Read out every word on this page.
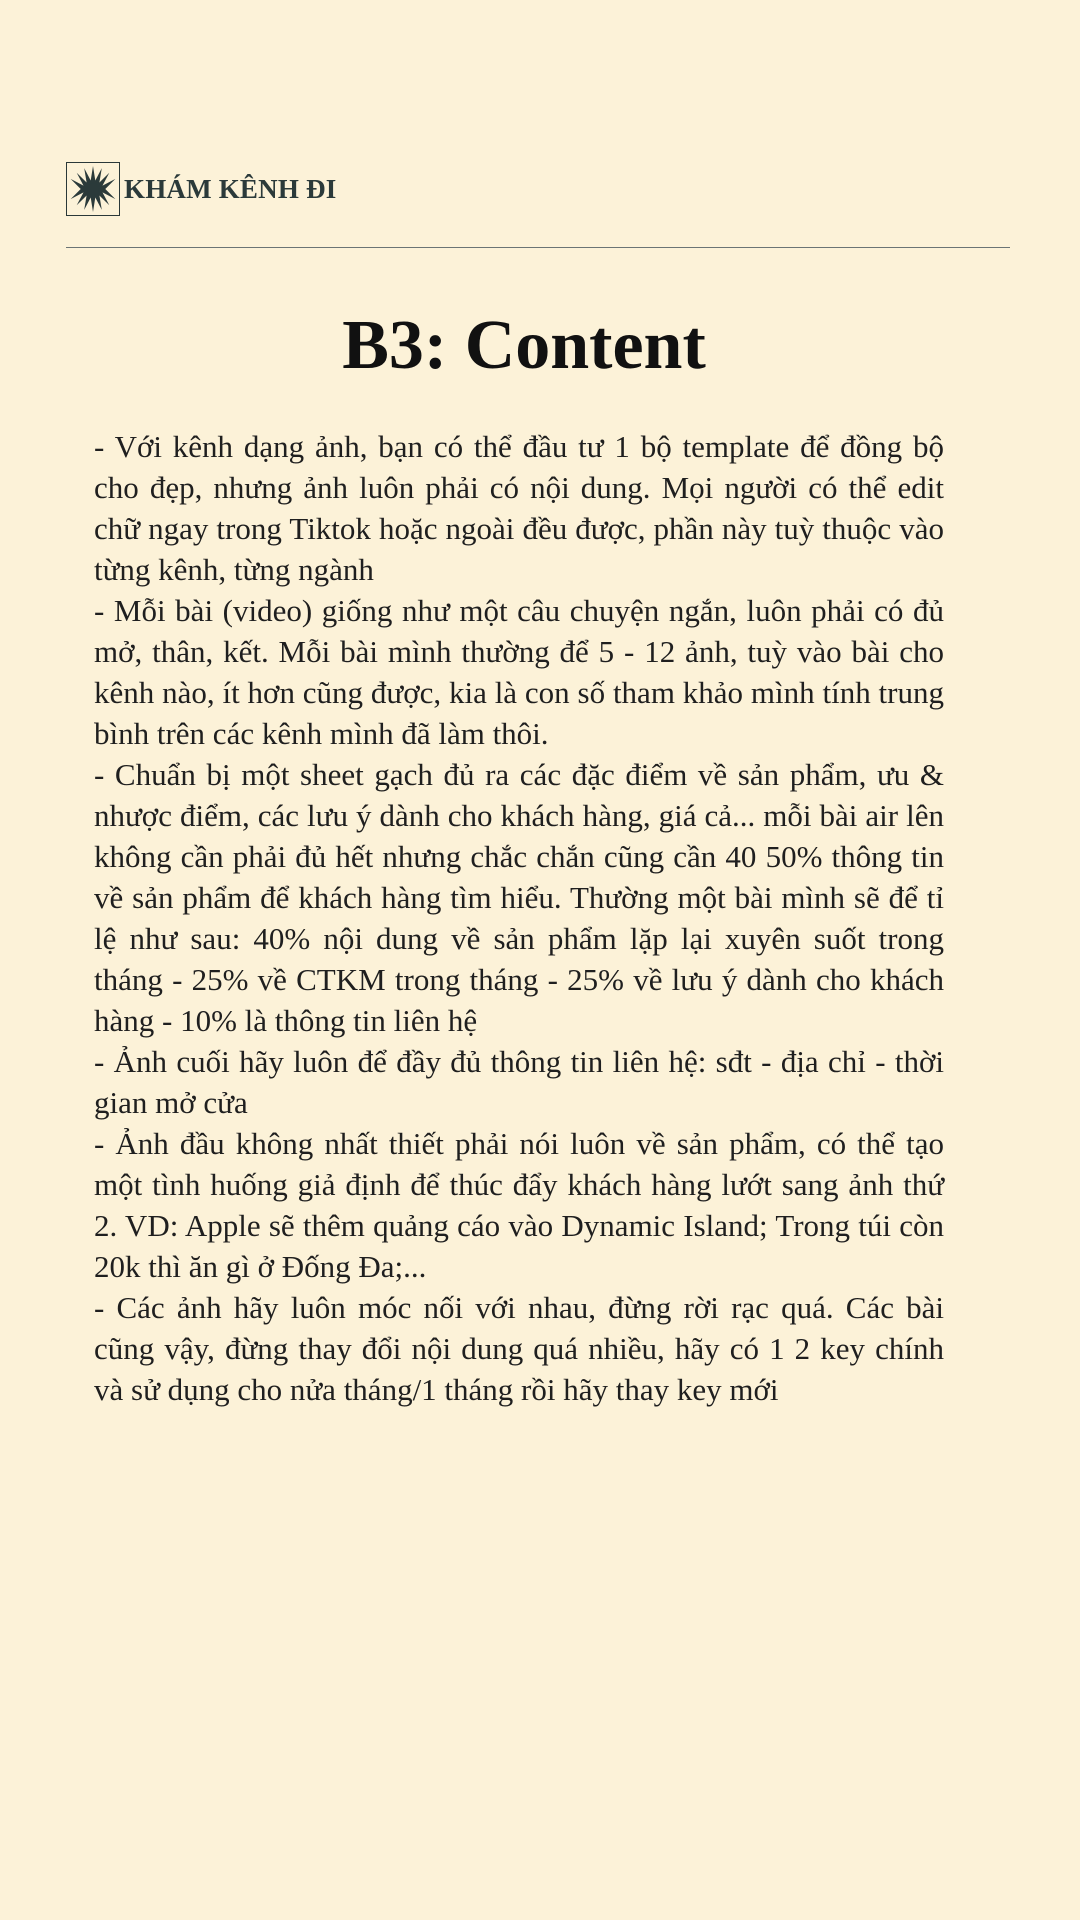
KHÁM KÊNH ĐI
B3: Content

- Với kênh dạng ảnh, bạn có thể đầu tư 1 bộ template để đồng bộ cho đẹp, nhưng ảnh luôn phải có nội dung. Mọi người có thể edit chữ ngay trong Tiktok hoặc ngoài đều được, phần này tuỳ thuộc vào từng kênh, từng ngành

- Mỗi bài (video) giống như một câu chuyện ngắn, luôn phải có đủ mở, thân, kết. Mỗi bài mình thường để 5 - 12 ảnh, tuỳ vào bài cho kênh nào, ít hơn cũng được, kia là con số tham khảo mình tính trung bình trên các kênh mình đã làm thôi.

- Chuẩn bị một sheet gạch đủ ra các đặc điểm về sản phẩm, ưu & nhược điểm, các lưu ý dành cho khách hàng, giá cả... mỗi bài air lên không cần phải đủ hết nhưng chắc chắn cũng cần 40 50% thông tin về sản phẩm để khách hàng tìm hiểu. Thường một bài mình sẽ để tỉ lệ như sau: 40% nội dung về sản phẩm lặp lại xuyên suốt trong tháng - 25% về CTKM trong tháng - 25% về lưu ý dành cho khách hàng - 10% là thông tin liên hệ

- Ảnh cuối hãy luôn để đầy đủ thông tin liên hệ: sđt - địa chỉ - thời gian mở cửa

- Ảnh đầu không nhất thiết phải nói luôn về sản phẩm, có thể tạo một tình huống giả định để thúc đẩy khách hàng lướt sang ảnh thứ 2. VD: Apple sẽ thêm quảng cáo vào Dynamic Island; Trong túi còn 20k thì ăn gì ở Đống Đa;...

- Các ảnh hãy luôn móc nối với nhau, đừng rời rạc quá. Các bài cũng vậy, đừng thay đổi nội dung quá nhiều, hãy có 1 2 key chính và sử dụng cho nửa tháng/1 tháng rồi hãy thay key mới
